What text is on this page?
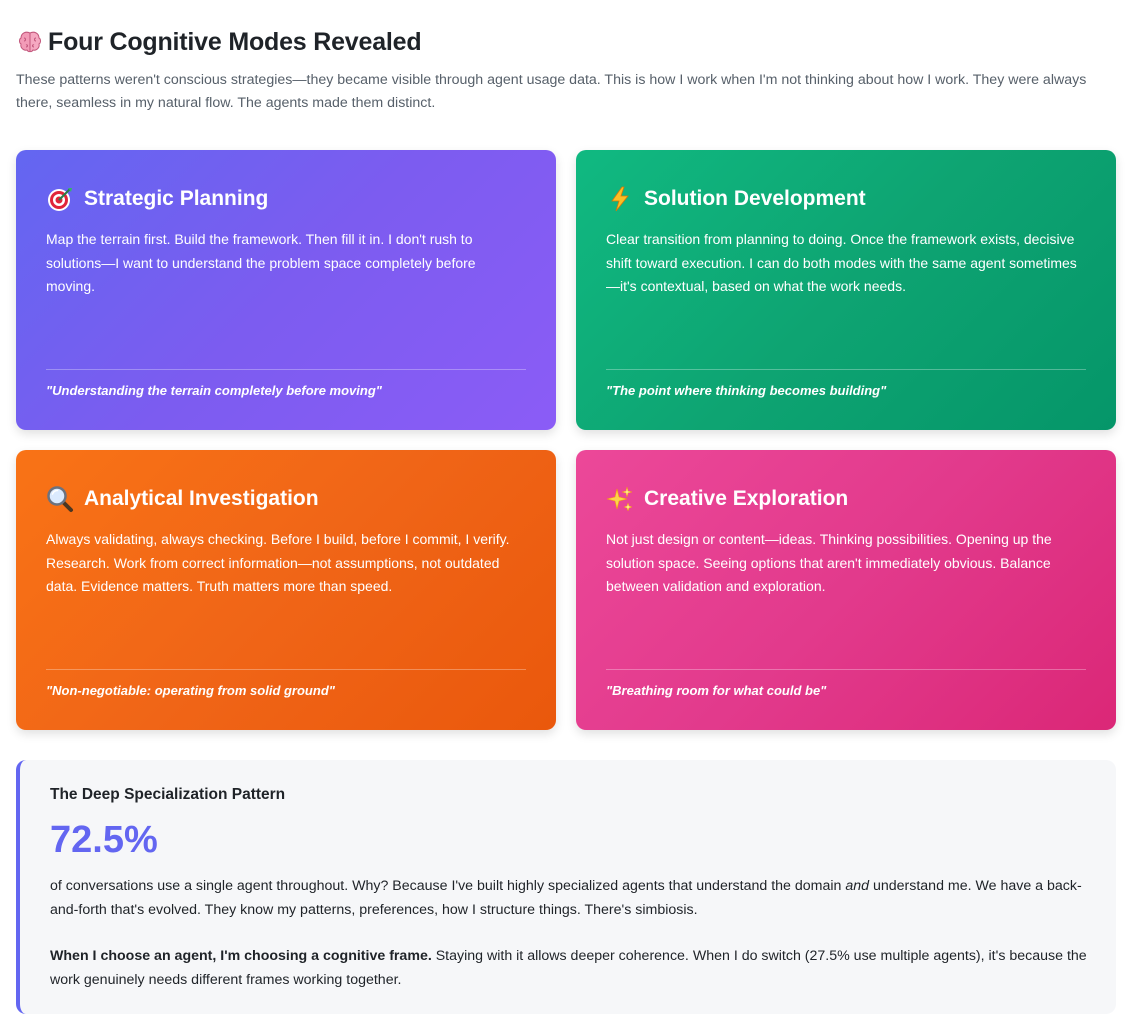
Four Cognitive Modes Revealed

These patterns weren't conscious strategies—they became visible through agent usage data. This is how I work when I'm not thinking about how I work. They were always there, seamless in my natural flow. The agents made them distinct.

Strategic Planning

Map the terrain first. Build the framework. Then fill it in. I don't rush to solutions—I want to understand the problem space completely before moving.

"Understanding the terrain completely before moving"

Solution Development

Clear transition from planning to doing. Once the framework exists, decisive shift toward execution. I can do both modes with the same agent sometimes—it's contextual, based on what the work needs.

"The point where thinking becomes building"

Analytical Investigation

Always validating, always checking. Before I build, before I commit, I verify. Research. Work from correct information—not assumptions, not outdated data. Evidence matters. Truth matters more than speed.

"Non-negotiable: operating from solid ground"

Creative Exploration

Not just design or content—ideas. Thinking possibilities. Opening up the solution space. Seeing options that aren't immediately obvious. Balance between validation and exploration.

"Breathing room for what could be"

The Deep Specialization Pattern
72.5%

of conversations use a single agent throughout. Why? Because I've built highly specialized agents that understand the domain and understand me. We have a back-and-forth that's evolved. They know my patterns, preferences, how I structure things. There's simbiosis.

When I choose an agent, I'm choosing a cognitive frame. Staying with it allows deeper coherence. When I do switch (27.5% use multiple agents), it's because the work genuinely needs different frames working together.
